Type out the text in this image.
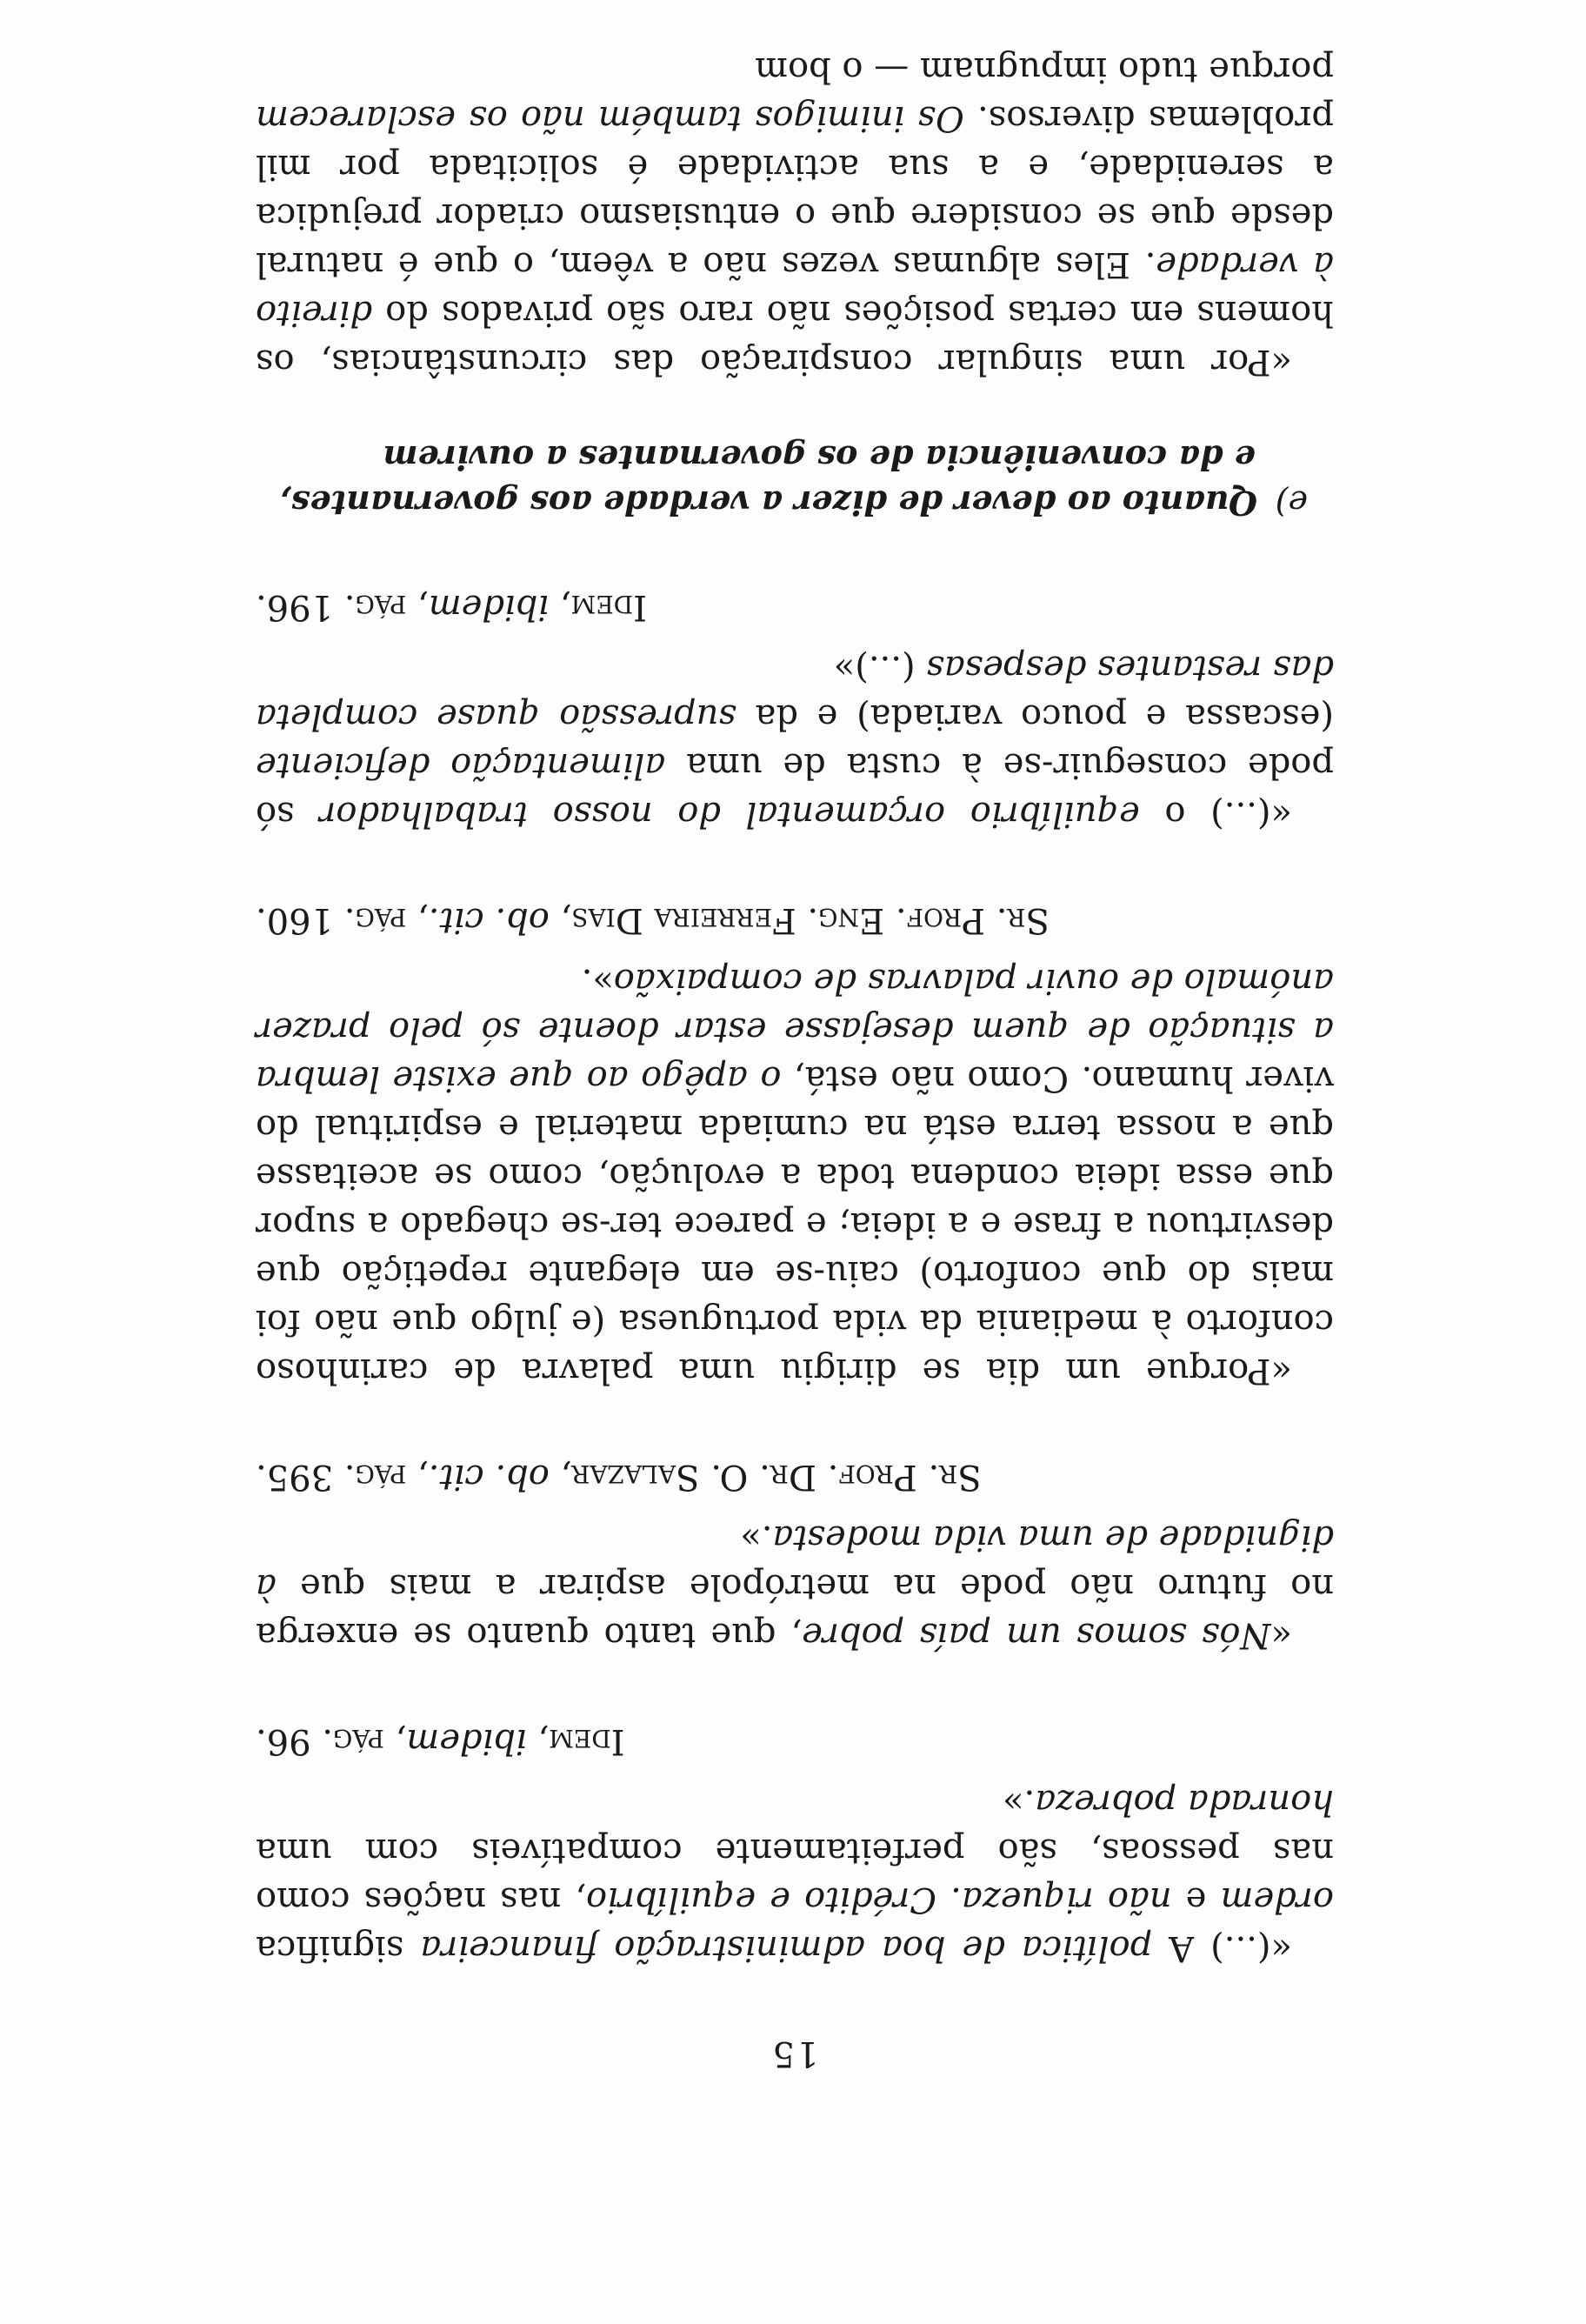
15

«(...) A política de boa administração financeira significa ordem e não riqueza. Crédito e equilíbrio, nas nações como nas pessoas, são perfeitamente compatíveis com uma honrada pobreza.»

Idem, ibidem, pág. 96.

«Nós somos um país pobre, que tanto quanto se enxerga no futuro não pode na metrópole aspirar a mais que à dignidade de uma vida modesta.»

Sr. Prof. Dr. O. Salazar, ob. cit., pág. 395.

«Porque um dia se dirigiu uma palavra de carinhoso conforto à mediania da vida portuguesa (e julgo que não foi mais do que conforto) caiu-se em elegante repetição que desvirtuou a frase e a ideia; e parece ter-se chegado a supor que essa ideia condena toda a evolução, como se aceitasse que a nossa terra está na cumiada material e espiritual do viver humano. Como não está, o apêgo ao que existe lembra a situação de quem desejasse estar doente só pelo prazer anómalo de ouvir palavras de compaixão».

Sr. Prof. Eng. Ferreira Dias, ob. cit., pág. 160.

«(...) o equilíbrio orçamental do nosso trabalhador só pode conseguir-se à custa de uma alimentação deficiente (escassa e pouco variada) e da supressão quase completa das restantes despesas (...)»

Idem, ibidem, pág. 196.

e)Quanto ao dever de dizer a verdade aos governantes, e da conveniência de os governantes a ouvirem

«Por uma singular conspiração das circunstâncias, os homens em certas posições não raro são privados do direito à verdade. Eles algumas vezes não a vêem, o que é natural desde que se considere que o entusiasmo criador prejudica a serenidade, e a sua actividade é solicitada por mil problemas diversos. Os inimigos também não os esclarecem porque tudo impugnam — o bom
